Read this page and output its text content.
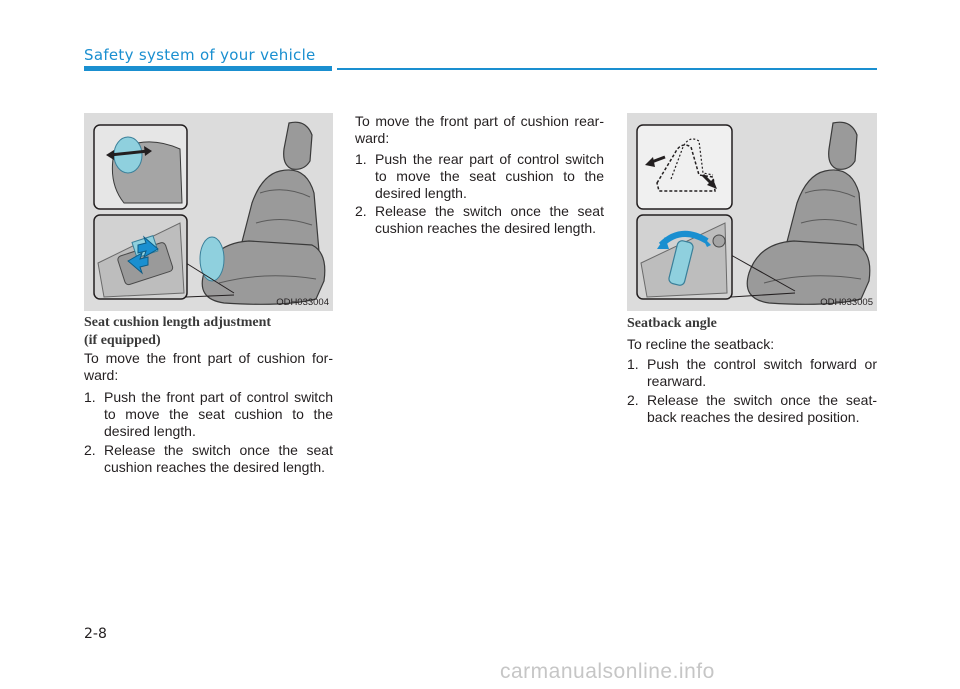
Safety system of your vehicle
ODH033004	ODH033005
Seat cushion length adjustment
(if equipped)
To move the front part of cushion for-ward:
1. Push the front part of control switch to move the seat cushion to the desired length.
2. Release the switch once the seat cushion reaches the desired length.
To move the front part of cushion rear-ward:
1. Push the rear part of control switch to move the seat cushion to the desired length.
2. Release the switch once the seat cushion reaches the desired length.
Seatback angle
To recline the seatback:
1. Push the control switch forward or rearward.
2. Release the switch once the seat-back reaches the desired position.
2-8
carmanualsonline.info
